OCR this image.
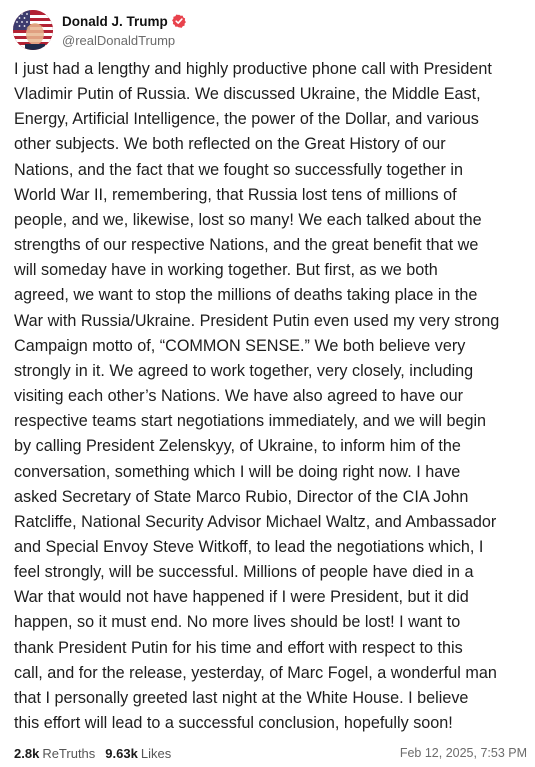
Donald J. Trump
@realDonaldTrump
I just had a lengthy and highly productive phone call with President
Vladimir Putin of Russia. We discussed Ukraine, the Middle East,
Energy, Artificial Intelligence, the power of the Dollar, and various
other subjects. We both reflected on the Great History of our
Nations, and the fact that we fought so successfully together in
World War II, remembering, that Russia lost tens of millions of
people, and we, likewise, lost so many! We each talked about the
strengths of our respective Nations, and the great benefit that we
will someday have in working together. But first, as we both
agreed, we want to stop the millions of deaths taking place in the
War with Russia/Ukraine. President Putin even used my very strong
Campaign motto of, “COMMON SENSE.” We both believe very
strongly in it. We agreed to work together, very closely, including
visiting each other’s Nations. We have also agreed to have our
respective teams start negotiations immediately, and we will begin
by calling President Zelenskyy, of Ukraine, to inform him of the
conversation, something which I will be doing right now. I have
asked Secretary of State Marco Rubio, Director of the CIA John
Ratcliffe, National Security Advisor Michael Waltz, and Ambassador
and Special Envoy Steve Witkoff, to lead the negotiations which, I
feel strongly, will be successful. Millions of people have died in a
War that would not have happened if I were President, but it did
happen, so it must end. No more lives should be lost! I want to
thank President Putin for his time and effort with respect to this
call, and for the release, yesterday, of Marc Fogel, a wonderful man
that I personally greeted last night at the White House. I believe
this effort will lead to a successful conclusion, hopefully soon!
2.8k ReTruths 9.63k Likes	Feb 12, 2025, 7:53 PM
